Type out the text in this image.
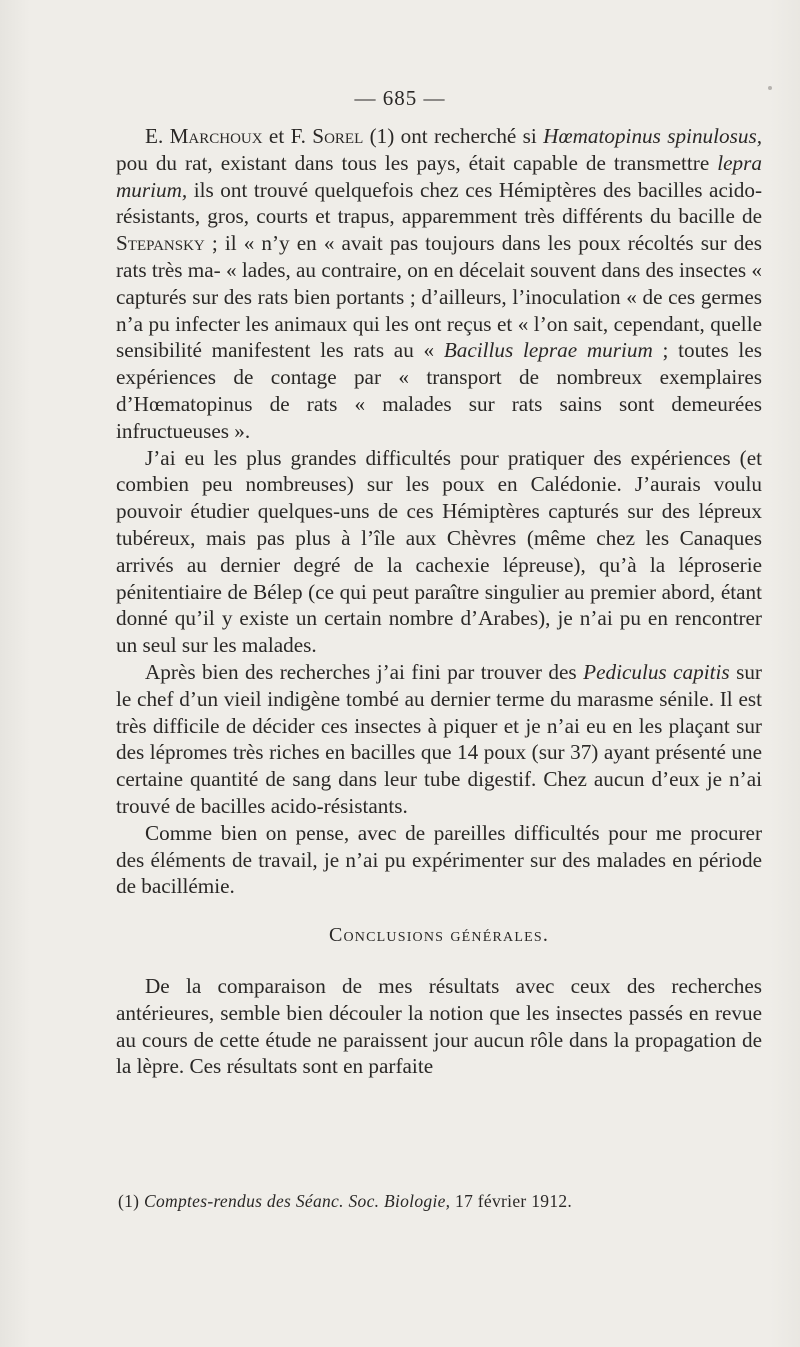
— 685 —

E. Marchoux et F. Sorel (1) ont recherché si Hœmatopinus spinulosus, pou du rat, existant dans tous les pays, était capable de transmettre lepra murium, ils ont trouvé quelquefois chez ces Hémiptères des bacilles acido-résistants, gros, courts et trapus, apparemment très différents du bacille de Stepansky ; il « n’y en « avait pas toujours dans les poux récoltés sur des rats très ma- « lades, au contraire, on en décelait souvent dans des insectes « capturés sur des rats bien portants ; d’ailleurs, l’inoculation « de ces germes n’a pu infecter les animaux qui les ont reçus et « l’on sait, cependant, quelle sensibilité manifestent les rats au « Bacillus leprae murium ; toutes les expériences de contage par « transport de nombreux exemplaires d’Hœmatopinus de rats « malades sur rats sains sont demeurées infructueuses ».

J’ai eu les plus grandes difficultés pour pratiquer des expériences (et combien peu nombreuses) sur les poux en Calédonie. J’aurais voulu pouvoir étudier quelques-uns de ces Hémiptères capturés sur des lépreux tubéreux, mais pas plus à l’île aux Chèvres (même chez les Canaques arrivés au dernier degré de la cachexie lépreuse), qu’à la léproserie pénitentiaire de Bélep (ce qui peut paraître singulier au premier abord, étant donné qu’il y existe un certain nombre d’Arabes), je n’ai pu en rencontrer un seul sur les malades.

Après bien des recherches j’ai fini par trouver des Pediculus capitis sur le chef d’un vieil indigène tombé au dernier terme du marasme sénile. Il est très difficile de décider ces insectes à piquer et je n’ai eu en les plaçant sur des lépromes très riches en bacilles que 14 poux (sur 37) ayant présenté une certaine quantité de sang dans leur tube digestif. Chez aucun d’eux je n’ai trouvé de bacilles acido-résistants.

Comme bien on pense, avec de pareilles difficultés pour me procurer des éléments de travail, je n’ai pu expérimenter sur des malades en période de bacillémie.

Conclusions générales.

De la comparaison de mes résultats avec ceux des recherches antérieures, semble bien découler la notion que les insectes passés en revue au cours de cette étude ne paraissent jour aucun rôle dans la propagation de la lèpre. Ces résultats sont en parfaite

(1) Comptes-rendus des Séanc. Soc. Biologie, 17 février 1912.
